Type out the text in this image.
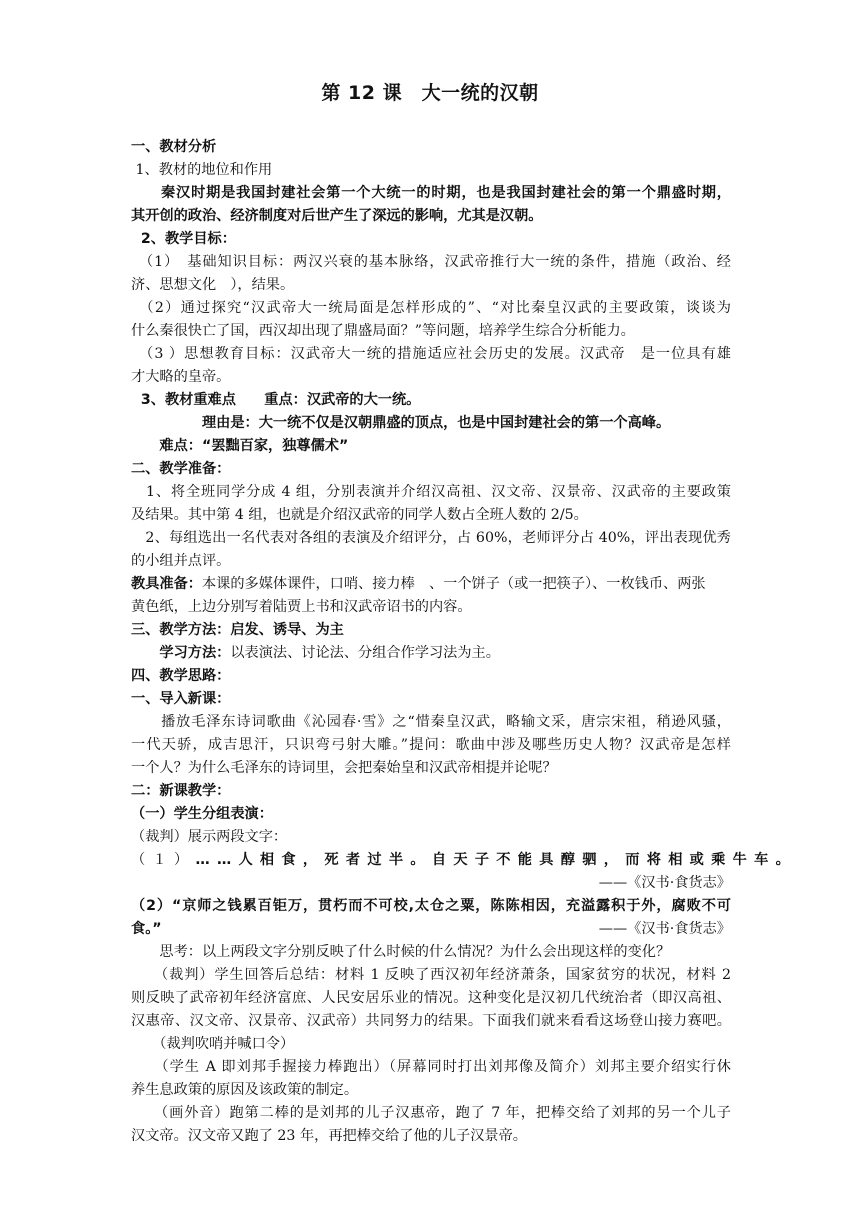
第 12 课　大一统的汉朝
一、教材分析
1、教材的地位和作用
　　秦汉时期是我国封建社会第一个大统一的时期，也是我国封建社会的第一个鼎盛时期，
其开创的政治、经济制度对后世产生了深远的影响，尤其是汉朝。
2、教学目标：
　（1）　基础知识目标：两汉兴衰的基本脉络，汉武帝推行大一统的条件，措施（政治、经
济、思想文化　），结果。
　（2）通过探究“汉武帝大一统局面是怎样形成的”、“对比秦皇汉武的主要政策，谈谈为
什么秦很快亡了国，西汉却出现了鼎盛局面？”等问题，培养学生综合分析能力。
　（3 ）思想教育目标：汉武帝大一统的措施适应社会历史的发展。汉武帝　是一位具有雄
才大略的皇帝。
3、教材重难点　　重点：汉武帝的大一统。
　　　　　理由是：大一统不仅是汉朝鼎盛的顶点，也是中国封建社会的第一个高峰。
　　难点：“罢黜百家，独尊儒术”
二、教学准备：
　1、将全班同学分成 4 组，分别表演并介绍汉高祖、汉文帝、汉景帝、汉武帝的主要政策
及结果。其中第 4 组，也就是介绍汉武帝的同学人数占全班人数的 2/5。
　2、每组选出一名代表对各组的表演及介绍评分，占 60%，老师评分占 40%，评出表现优秀
的小组并点评。
教具准备：本课的多媒体课件，口哨、接力棒　、一个饼子（或一把筷子）、一枚钱币、两张
黄色纸，上边分别写着陆贾上书和汉武帝诏书的内容。
三、教学方法：启发、诱导、为主
　　学习方法：以表演法、讨论法、分组合作学习法为主。
四、教学思路：
一、导入新课：
　　播放毛泽东诗词歌曲《沁园春·雪》之“惜秦皇汉武，略输文采，唐宗宋祖，稍逊风骚，
一代天骄，成吉思汗，只识弯弓射大雕。”提问：歌曲中涉及哪些历史人物？汉武帝是怎样
一个人？为什么毛泽东的诗词里，会把秦始皇和汉武帝相提并论呢？
二：新课教学：
（一）学生分组表演：
（裁判）展示两段文字：
（１）……人相食，死者过半。自天子不能具醇驷，而将相或乘牛车。
——《汉书·食货志》
（2）“京师之钱累百钜万，贯朽而不可校,太仓之粟，陈陈相因，充溢露积于外，腐败不可
食。”	——《汉书·食货志》
　　思考：以上两段文字分别反映了什么时候的什么情况？为什么会出现这样的变化？
　　（裁判）学生回答后总结：材料 1 反映了西汉初年经济萧条，国家贫穷的状况，材料 2
则反映了武帝初年经济富庶、人民安居乐业的情况。这种变化是汉初几代统治者（即汉高祖、
汉惠帝、汉文帝、汉景帝、汉武帝）共同努力的结果。下面我们就来看看这场登山接力赛吧。
　　（裁判吹哨并喊口令）
　　（学生 A 即刘邦手握接力棒跑出）（屏幕同时打出刘邦像及简介）刘邦主要介绍实行休
养生息政策的原因及该政策的制定。
　　（画外音）跑第二棒的是刘邦的儿子汉惠帝，跑了 7 年，把棒交给了刘邦的另一个儿子
汉文帝。汉文帝又跑了 23 年，再把棒交给了他的儿子汉景帝。
